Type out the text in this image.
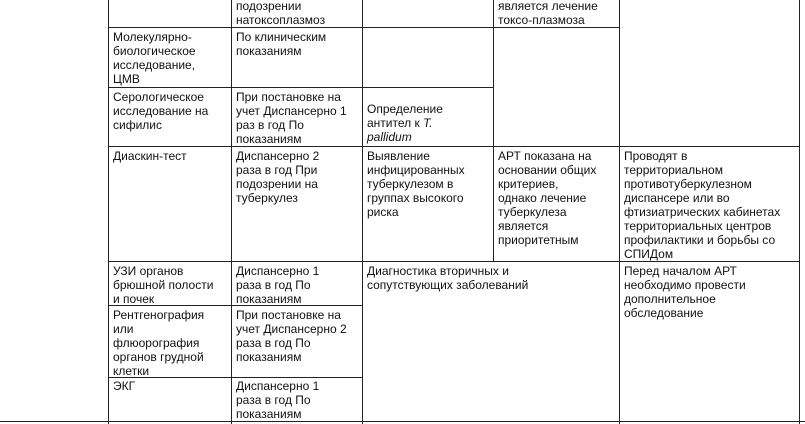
подозрении
натоксоплазмоз
является лечение
токсо-плазмоза
Молекулярно-
биологическое
исследование,
ЦМВ
По клиническим
показаниям
Серологическое
исследование на
сифилис
При постановке на
учет Диспансерно 1
раз в год По
показаниям
Определение
антител к T.
pallidum
Диаскин-тест	Диспансерно 2
раза в год При
подозрении на
туберкулез
Выявление
инфицированных
туберкулезом в
группах высокого
риска
АРТ показана на
основании общих
критериев,
однако лечение
туберкулеза
является
приоритетным
Проводят в
территориальном
противотуберкулезном
диспансере или во
фтизиатрических кабинетах
территориальных центров
профилактики и борьбы со
СПИДом
УЗИ органов
брюшной полости
и почек
Диспансерно 1
раза в год По
показаниям
Диагностика вторичных и
сопутствующих заболеваний
Перед началом АРТ
необходимо провести
дополнительное
обследование
Рентгенография
или
флюорография
органов грудной
клетки
При постановке на
учет Диспансерно 2
раза в год По
показаниям
ЭКГ	Диспансерно 1
раза в год По
показаниям
